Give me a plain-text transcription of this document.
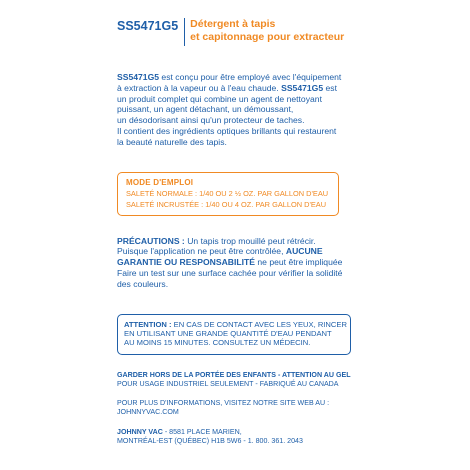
SS5471G5 Détergent à tapis
et capitonnage pour extracteur
SS5471G5 est conçu pour être employé avec l'équipement
à extraction à la vapeur ou à l'eau chaude. SS5471G5 est
un produit complet qui combine un agent de nettoyant
puissant, un agent détachant, un démoussant,
un désodorisant ainsi qu'un protecteur de taches.
Il contient des ingrédients optiques brillants qui restaurent
la beauté naturelle des tapis.
MODE D'EMPLOI
SALETÉ NORMALE : 1/40 OU 2 ½ OZ. PAR GALLON D'EAU
SALETÉ INCRUSTÉE : 1/40 OU 4 OZ. PAR GALLON D'EAU
PRÉCAUTIONS : Un tapis trop mouillé peut rétrécir.
Puisque l'application ne peut être contrôlée, AUCUNE
GARANTIE OU RESPONSABILITÉ ne peut être impliquée
Faire un test sur une surface cachée pour vérifier la solidité
des couleurs.
ATTENTION : EN CAS DE CONTACT AVEC LES YEUX, RINCER
EN UTILISANT UNE GRANDE QUANTITÉ D'EAU PENDANT
AU MOINS 15 MINUTES. CONSULTEZ UN MÉDECIN.
GARDER HORS DE LA PORTÉE DES ENFANTS - ATTENTION AU GEL
POUR USAGE INDUSTRIEL SEULEMENT - FABRIQUÉ AU CANADA
POUR PLUS D'INFORMATIONS, VISITEZ NOTRE SITE WEB AU :
JOHNNYVAC.COM
JOHNNY VAC - 8581 PLACE MARIEN,
MONTRÉAL-EST (QUÉBEC) H1B 5W6 - 1. 800. 361. 2043
